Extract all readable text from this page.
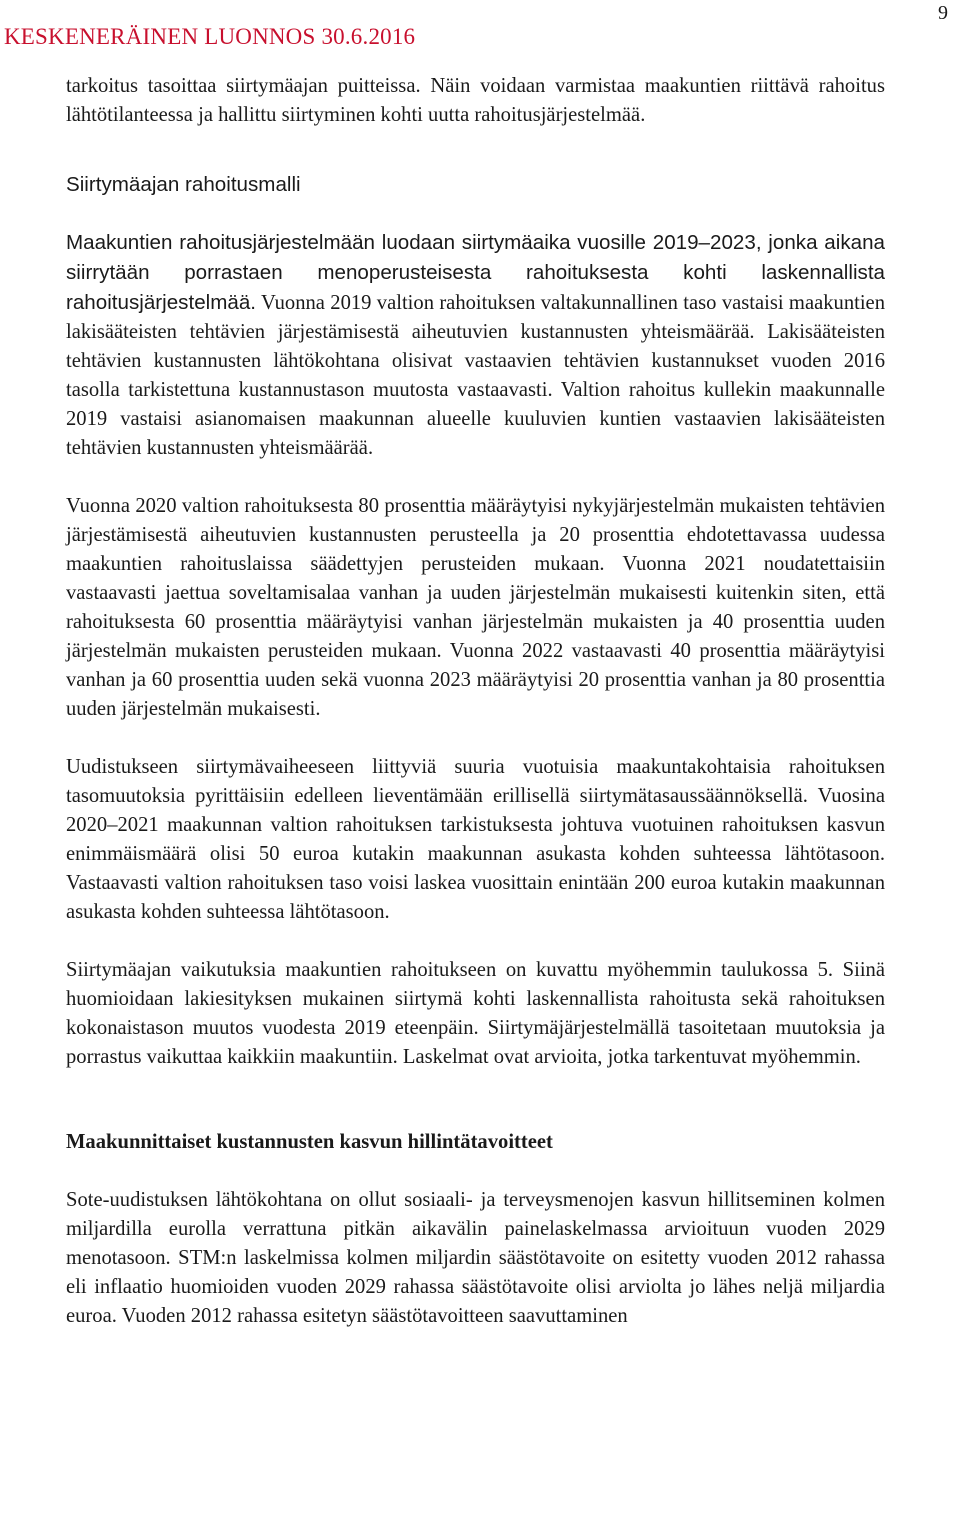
KESKENERÄINEN LUONNOS 30.6.2016
9

tarkoitus tasoittaa siirtymäajan puitteissa. Näin voidaan varmistaa maakuntien riittävä rahoitus lähtötilanteessa ja hallittu siirtyminen kohti uutta rahoitusjärjestelmää.

Siirtymäajan rahoitusmalli

Maakuntien rahoitusjärjestelmään luodaan siirtymäaika vuosille 2019‒2023, jonka aikana siirrytään porrastaen menoperusteisesta rahoituksesta kohti laskennallista rahoitusjärjestelmää. Vuonna 2019 valtion rahoituksen valtakunnallinen taso vastaisi maakuntien lakisääteisten tehtävien järjestämisestä aiheutuvien kustannusten yhteismäärää. Lakisääteisten tehtävien kustannusten lähtökohtana olisivat vastaavien tehtävien kustannukset vuoden 2016 tasolla tarkistettuna kustannustason muutosta vastaavasti. Valtion rahoitus kullekin maakunnalle 2019 vastaisi asianomaisen maakunnan alueelle kuuluvien kuntien vastaavien lakisääteisten tehtävien kustannusten yhteismäärää.

Vuonna 2020 valtion rahoituksesta 80 prosenttia määräytyisi nykyjärjestelmän mukaisten tehtävien järjestämisestä aiheutuvien kustannusten perusteella ja 20 prosenttia ehdotettavassa uudessa maakuntien rahoituslaissa säädettyjen perusteiden mukaan. Vuonna 2021 noudatettaisiin vastaavasti jaettua soveltamisalaa vanhan ja uuden järjestelmän mukaisesti kuitenkin siten, että rahoituksesta 60 prosenttia määräytyisi vanhan järjestelmän mukaisten ja 40 prosenttia uuden järjestelmän mukaisten perusteiden mukaan. Vuonna 2022 vastaavasti 40 prosenttia määräytyisi vanhan ja 60 prosenttia uuden sekä vuonna 2023 määräytyisi 20 prosenttia vanhan ja 80 prosenttia uuden järjestelmän mukaisesti.

Uudistukseen siirtymävaiheeseen liittyviä suuria vuotuisia maakuntakohtaisia rahoituksen tasomuutoksia pyrittäisiin edelleen lieventämään erillisellä siirtymätasaussäännöksellä. Vuosina 2020–2021 maakunnan valtion rahoituksen tarkistuksesta johtuva vuotuinen rahoituksen kasvun enimmäismäärä olisi 50 euroa kutakin maakunnan asukasta kohden suhteessa lähtötasoon. Vastaavasti valtion rahoituksen taso voisi laskea vuosittain enintään 200 euroa kutakin maakunnan asukasta kohden suhteessa lähtötasoon.

Siirtymäajan vaikutuksia maakuntien rahoitukseen on kuvattu myöhemmin taulukossa 5. Siinä huomioidaan lakiesityksen mukainen siirtymä kohti laskennallista rahoitusta sekä rahoituksen kokonaistason muutos vuodesta 2019 eteenpäin. Siirtymäjärjestelmällä tasoitetaan muutoksia ja porrastus vaikuttaa kaikkiin maakuntiin. Laskelmat ovat arvioita, jotka tarkentuvat myöhemmin.

Maakunnittaiset kustannusten kasvun hillintätavoitteet

Sote-uudistuksen lähtökohtana on ollut sosiaali- ja terveysmenojen kasvun hillitseminen kolmen miljardilla eurolla verrattuna pitkän aikavälin painelaskelmassa arvioituun vuoden 2029 menotasoon. STM:n laskelmissa kolmen miljardin säästötavoite on esitetty vuoden 2012 rahassa eli inflaatio huomioiden vuoden 2029 rahassa säästötavoite olisi arviolta jo lähes neljä miljardia euroa. Vuoden 2012 rahassa esitetyn säästötavoitteen saavuttaminen
